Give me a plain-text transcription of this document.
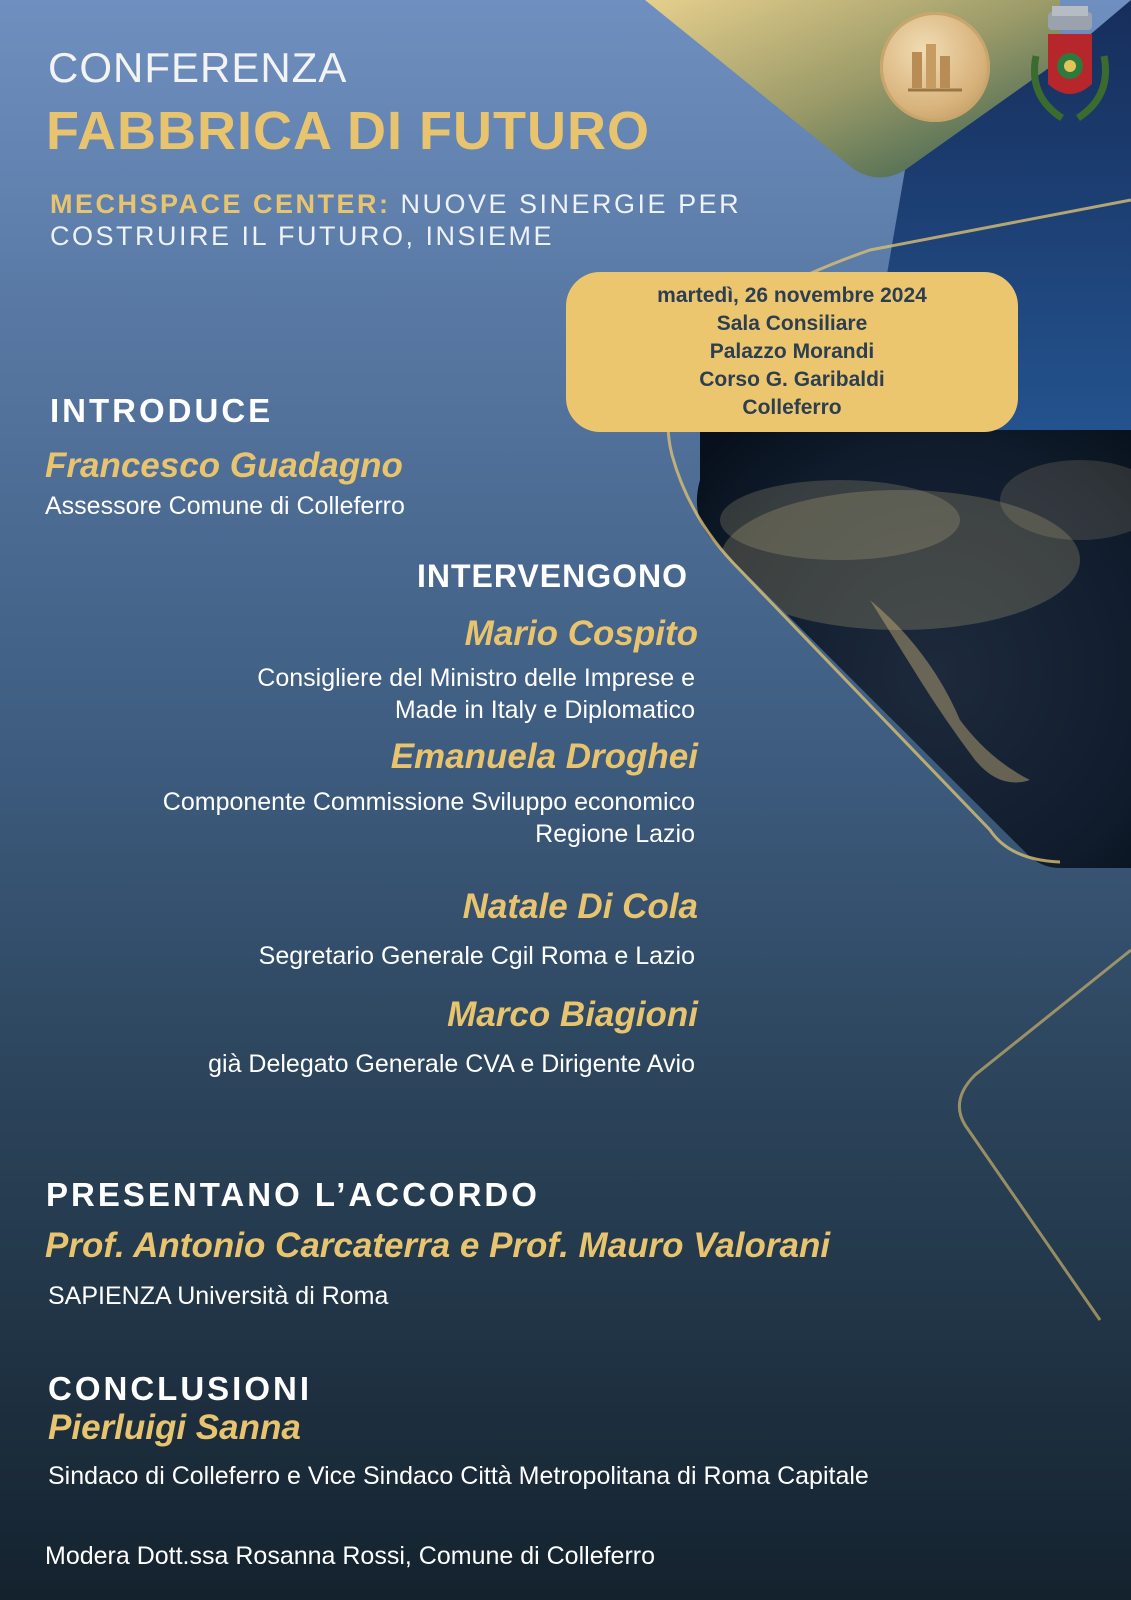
CONFERENZA
FABBRICA DI FUTURO
MECHSPACE CENTER: NUOVE SINERGIE PER COSTRUIRE IL FUTURO, INSIEME
martedì, 26 novembre 2024
Sala Consiliare
Palazzo Morandi
Corso G. Garibaldi
Colleferro
INTRODUCE
Francesco Guadagno
Assessore Comune di Colleferro
INTERVENGONO
Mario Cospito
Consigliere del Ministro delle Imprese e
Made in Italy e Diplomatico
Emanuela Droghei
Componente Commissione Sviluppo economico
Regione Lazio
Natale Di Cola
Segretario Generale Cgil Roma e Lazio
Marco Biagioni
già Delegato Generale CVA e Dirigente Avio
PRESENTANO L’ACCORDO
Prof. Antonio Carcaterra e Prof. Mauro Valorani
SAPIENZA Università di Roma
CONCLUSIONI
Pierluigi Sanna
Sindaco di Colleferro e Vice Sindaco Città Metropolitana di Roma Capitale
Modera Dott.ssa Rosanna Rossi, Comune di Colleferro
